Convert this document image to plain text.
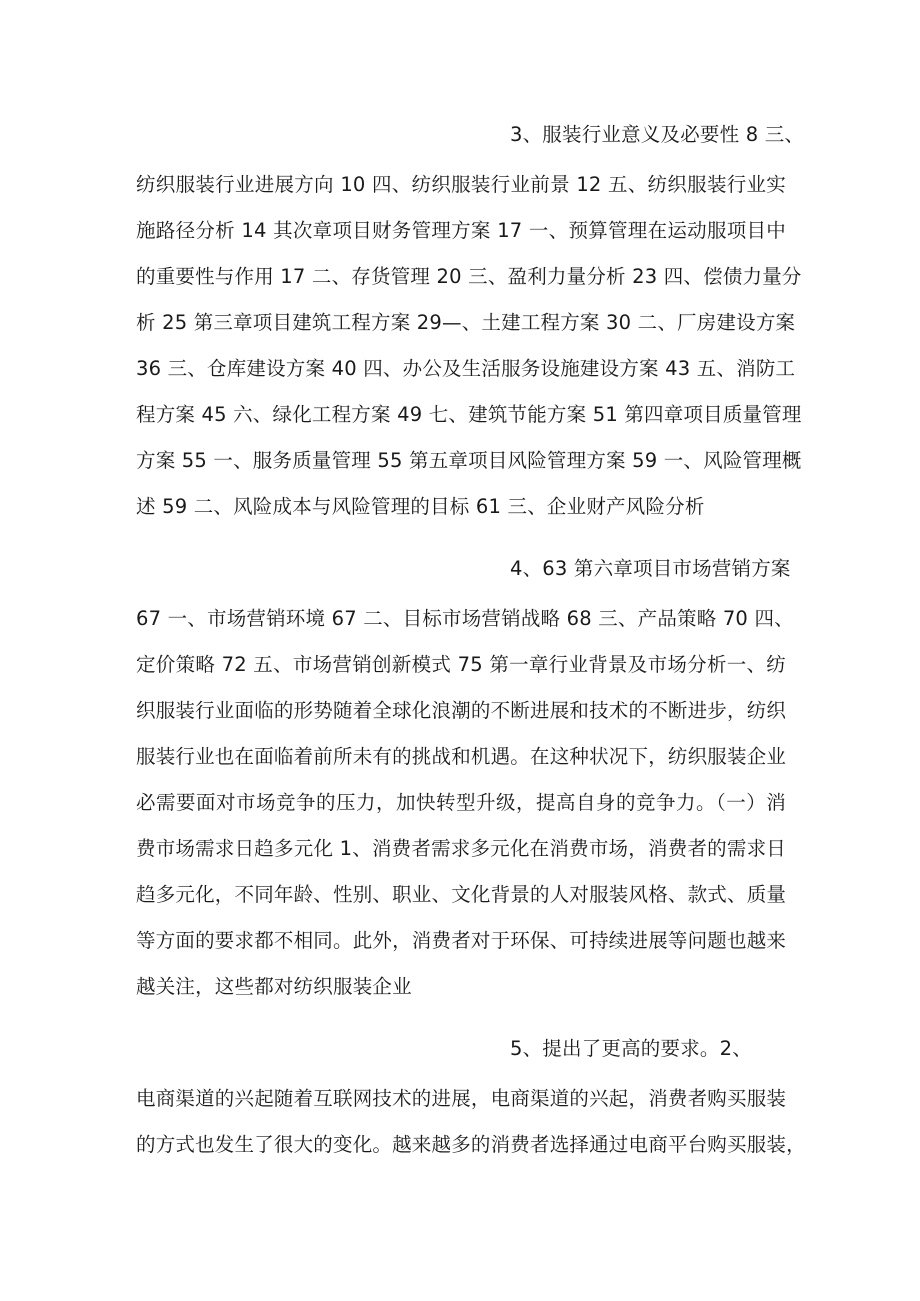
3、服装行业意义及必要性 8 三、
纺织服装行业进展方向 10 四、纺织服装行业前景 12 五、纺织服装行业实
施路径分析 14 其次章项目财务管理方案 17 一、预算管理在运动服项目中
的重要性与作用 17 二、存货管理 20 三、盈利力量分析 23 四、偿债力量分
析 25 第三章项目建筑工程方案 29—、土建工程方案 30 二、厂房建设方案
36 三、仓库建设方案 40 四、办公及生活服务设施建设方案 43 五、消防工
程方案 45 六、绿化工程方案 49 七、建筑节能方案 51 第四章项目质量管理
方案 55 一、服务质量管理 55 第五章项目风险管理方案 59 一、风险管理概
述 59 二、风险成本与风险管理的目标 61 三、企业财产风险分析
4、63 第六章项目市场营销方案
67 一、市场营销环境 67 二、目标市场营销战略 68 三、产品策略 70 四、
定价策略 72 五、市场营销创新模式 75 第一章行业背景及市场分析一、纺
织服装行业面临的形势随着全球化浪潮的不断进展和技术的不断进步，纺织
服装行业也在面临着前所未有的挑战和机遇。在这种状况下，纺织服装企业
必需要面对市场竞争的压力，加快转型升级，提高自身的竞争力。（一）消
费市场需求日趋多元化 1、消费者需求多元化在消费市场，消费者的需求日
趋多元化，不同年龄、性别、职业、文化背景的人对服装风格、款式、质量
等方面的要求都不相同。此外，消费者对于环保、可持续进展等问题也越来
越关注，这些都对纺织服装企业
5、提出了更高的要求。2、
电商渠道的兴起随着互联网技术的进展，电商渠道的兴起，消费者购买服装
的方式也发生了很大的变化。越来越多的消费者选择通过电商平台购买服装，
